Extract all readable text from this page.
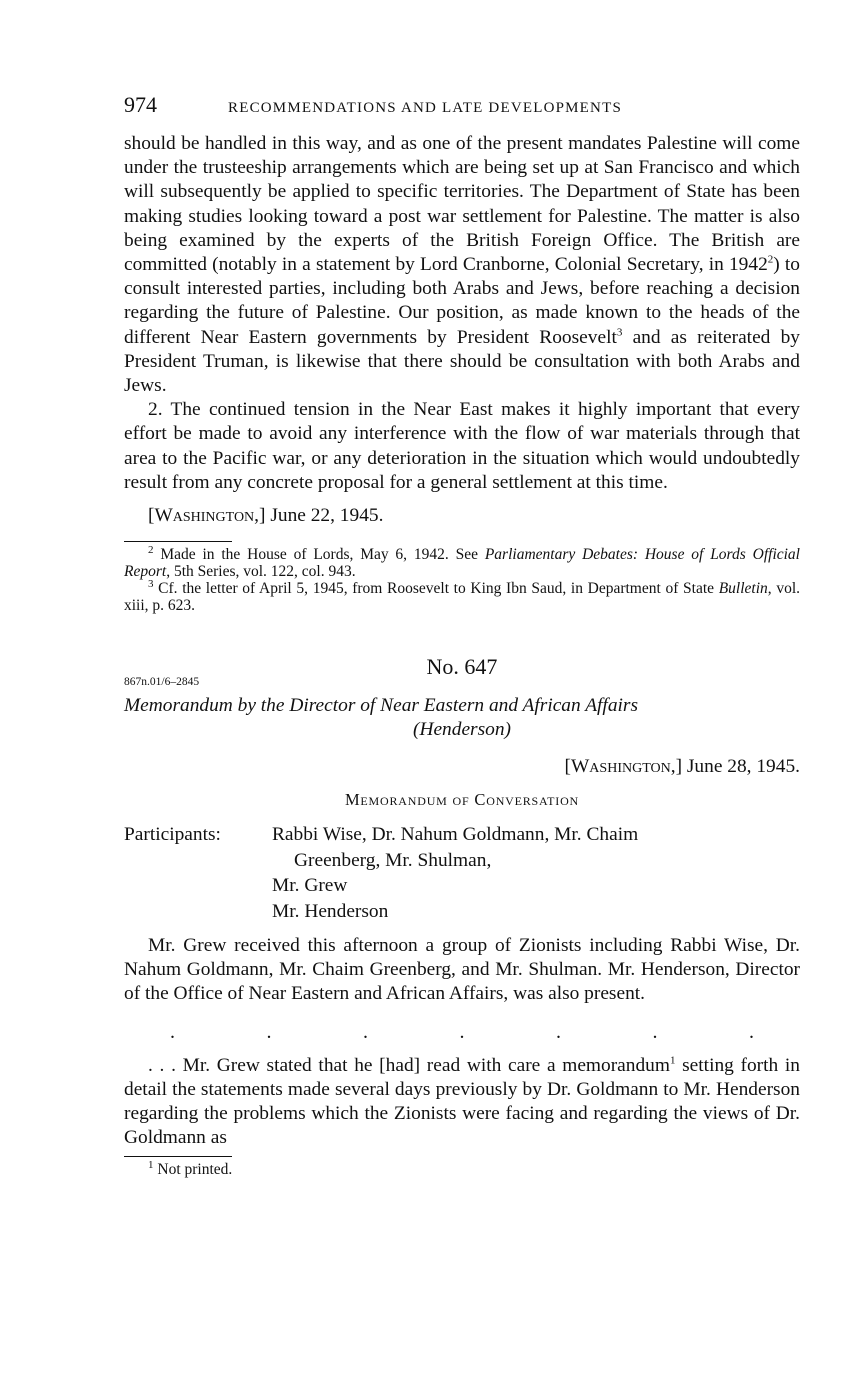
974	RECOMMENDATIONS AND LATE DEVELOPMENTS

should be handled in this way, and as one of the present mandates Palestine will come under the trusteeship arrangements which are being set up at San Francisco and which will subsequently be applied to specific territories. The Department of State has been making studies looking toward a post war settlement for Palestine. The matter is also being examined by the experts of the British Foreign Office. The British are committed (notably in a statement by Lord Cranborne, Colonial Secretary, in 1942$^2$) to consult interested parties, including both Arabs and Jews, before reaching a decision regarding the future of Palestine. Our position, as made known to the heads of the different Near Eastern governments by President Roosevelt$^3$ and as reiterated by President Truman, is likewise that there should be consultation with both Arabs and Jews.

2. The continued tension in the Near East makes it highly important that every effort be made to avoid any interference with the flow of war materials through that area to the Pacific war, or any deterioration in the situation which would undoubtedly result from any concrete proposal for a general settlement at this time.

[Washington,] June 22, 1945.

$^2$ Made in the House of Lords, May 6, 1942. See Parliamentary Debates: House of Lords Official Report, 5th Series, vol. 122, col. 943.

$^3$ Cf. the letter of April 5, 1945, from Roosevelt to King Ibn Saud, in Department of State Bulletin, vol. xiii, p. 623.

No. 647
867n.01/6–2845
Memorandum by the Director of Near Eastern and African Affairs
(Henderson)
[Washington,] June 28, 1945.
Memorandum of Conversation
Participants:	Rabbi Wise, Dr. Nahum Goldmann, Mr. Chaim
Greenberg, Mr. Shulman,
Mr. Grew
Mr. Henderson

Mr. Grew received this afternoon a group of Zionists including Rabbi Wise, Dr. Nahum Goldmann, Mr. Chaim Greenberg, and Mr. Shulman. Mr. Henderson, Director of the Office of Near Eastern and African Affairs, was also present.

.	.	.	.	.	.	.

. . . Mr. Grew stated that he [had] read with care a memorandum$^1$ setting forth in detail the statements made several days previously by Dr. Goldmann to Mr. Henderson regarding the problems which the Zionists were facing and regarding the views of Dr. Goldmann as

$^1$ Not printed.
